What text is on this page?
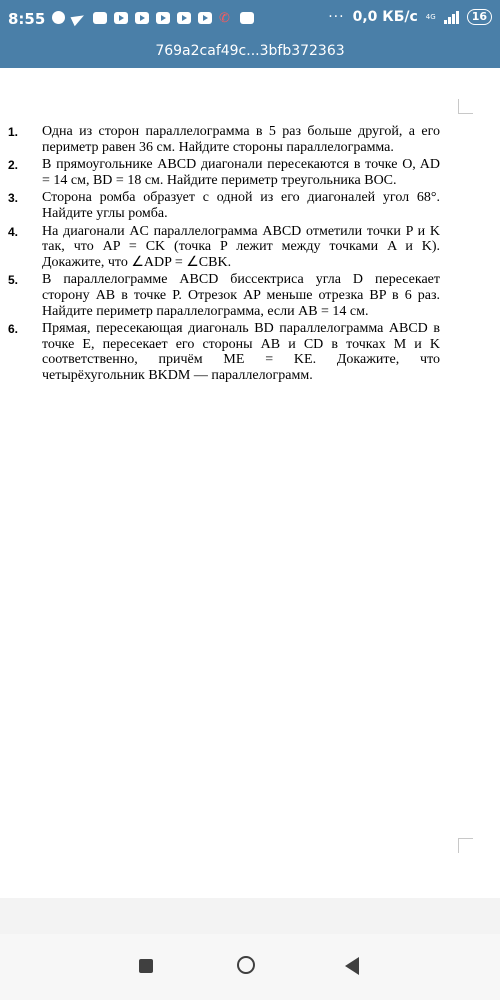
8:55	✆	··· 0,0 КБ/с 4G	16
769a2caf49c...3bfb372363
1.	Одна из сторон параллелограмма в 5 раз больше другой, а его периметр равен 36 см. Найдите стороны параллелограмма.
2.	В прямоугольнике ABCD диагонали пересекаются в точке O, AD = 14 см, BD = 18 см. Найдите периметр треугольника BOC.
3.	Сторона ромба образует с одной из его диагоналей угол 68°. Найдите углы ромба.
4.	На диагонали AC параллелограмма ABCD отметили точки P и K так, что AP = CK (точка P лежит между точками A и K). Докажите, что ∠ADP = ∠CBK.
5.	В параллелограмме ABCD биссектриса угла D пересекает сторону AB в точке P. Отрезок AP меньше отрезка BP в 6 раз. Найдите периметр параллелограмма, если AB = 14 см.
6.	Прямая, пересекающая диагональ BD параллелограмма ABCD в точке E, пересекает его стороны AB и CD в точках M и K соответственно, причём ME = KE. Докажите, что четырёхугольник BKDM — параллелограмм.
